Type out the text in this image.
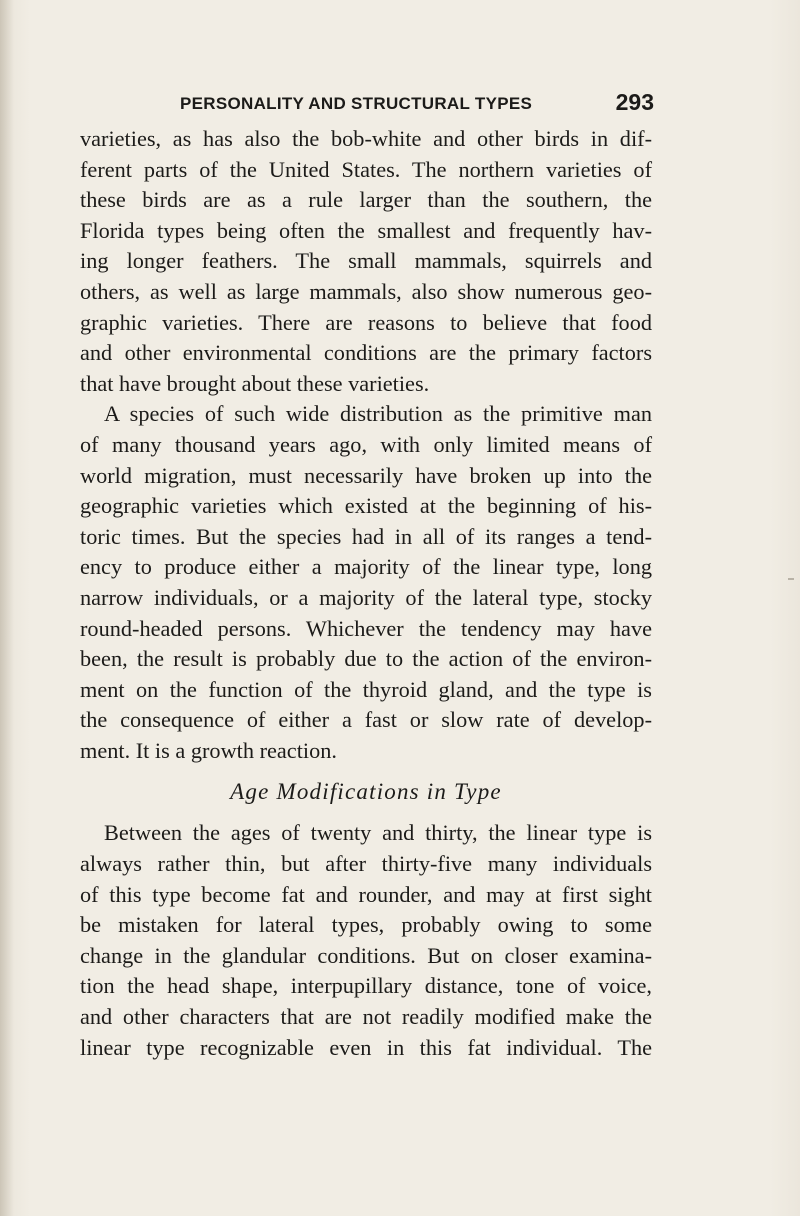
PERSONALITY AND STRUCTURAL TYPES	293
varieties, as has also the bob-white and other birds in dif-
ferent parts of the United States. The northern varieties of
these birds are as a rule larger than the southern, the
Florida types being often the smallest and frequently hav-
ing longer feathers. The small mammals, squirrels and
others, as well as large mammals, also show numerous geo-
graphic varieties. There are reasons to believe that food
and other environmental conditions are the primary factors
that have brought about these varieties.
A species of such wide distribution as the primitive man
of many thousand years ago, with only limited means of
world migration, must necessarily have broken up into the
geographic varieties which existed at the beginning of his-
toric times. But the species had in all of its ranges a tend-
ency to produce either a majority of the linear type, long
narrow individuals, or a majority of the lateral type, stocky
round-headed persons. Whichever the tendency may have
been, the result is probably due to the action of the environ-
ment on the function of the thyroid gland, and the type is
the consequence of either a fast or slow rate of develop-
ment. It is a growth reaction.
Age Modifications in Type
Between the ages of twenty and thirty, the linear type is
always rather thin, but after thirty-five many individuals
of this type become fat and rounder, and may at first sight
be mistaken for lateral types, probably owing to some
change in the glandular conditions. But on closer examina-
tion the head shape, interpupillary distance, tone of voice,
and other characters that are not readily modified make the
linear type recognizable even in this fat individual. The
